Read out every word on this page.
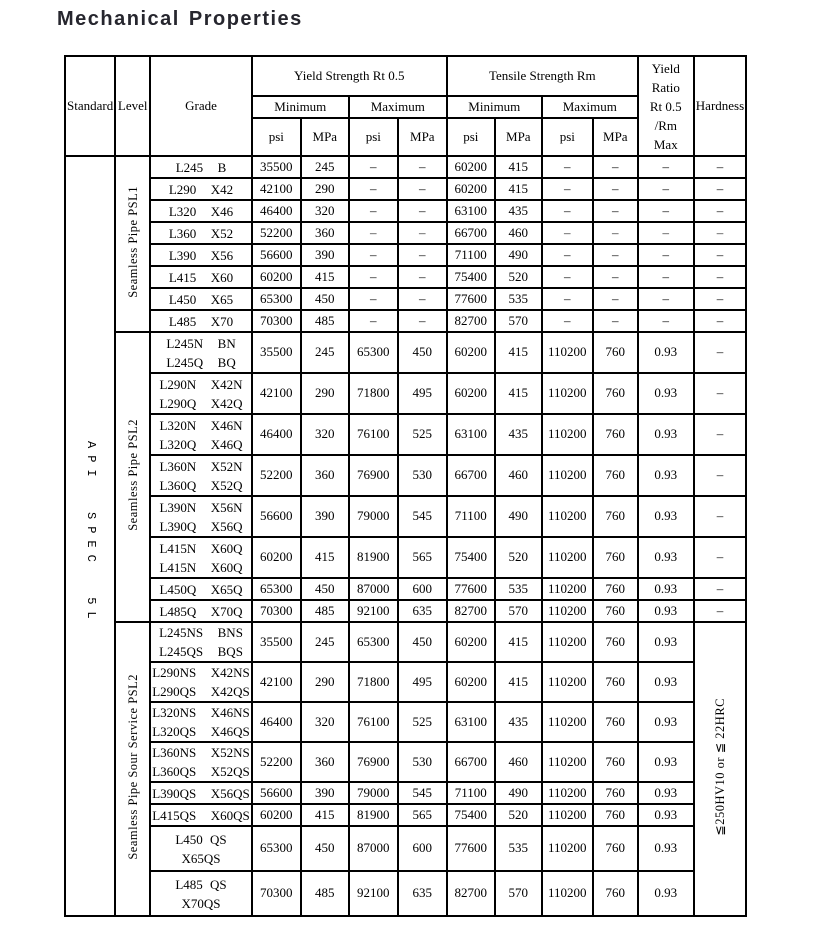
Mechanical Properties
Standard	Level	Grade	Yield Strength Rt 0.5				Tensile Strength Rm				Yield
Ratio
Rt 0.5
/Rm
Max	Hardness
			Minimum		Maximum		Minimum		Maximum			
			psi	MPa	psi	MPa	psi	MPa	psi	MPa		
API  SPEC  5L	Seamless Pipe PSL1	L245  B	35500	245	–	–	60200	415	–	–	–	–

		L290  X42	42100	290	–	–	60200	415	–	–	–	–

		L320  X46	46400	320	–	–	63100	435	–	–	–	–

		L360  X52	52200	360	–	–	66700	460	–	–	–	–

		L390  X56	56600	390	–	–	71100	490	–	–	–	–

		L415  X60	60200	415	–	–	75400	520	–	–	–	–

		L450  X65	65300	450	–	–	77600	535	–	–	–	–

		L485  X70	70300	485	–	–	82700	570	–	–	–	–
	Seamless Pipe PSL2	L245N  BN
L245Q  BQ	35500	245	65300	450	60200	415	110200	760	0.93	–

		L290N  X42N
L290Q  X42Q	42100	290	71800	495	60200	415	110200	760	0.93	–

		L320N  X46N
L320Q  X46Q	46400	320	76100	525	63100	435	110200	760	0.93	–

		L360N  X52N
L360Q  X52Q	52200	360	76900	530	66700	460	110200	760	0.93	–

		L390N  X56N
L390Q  X56Q	56600	390	79000	545	71100	490	110200	760	0.93	–

		L415N  X60Q
L415N  X60Q	60200	415	81900	565	75400	520	110200	760	0.93	–

		L450Q  X65Q	65300	450	87000	600	77600	535	110200	760	0.93	–

		L485Q  X70Q	70300	485	92100	635	82700	570	110200	760	0.93	–
	Seamless Pipe Sour Service PSL2	L245NS  BNS
L245QS  BQS	35500	245	65300	450	60200	415	110200	760	0.93	≦250HV10 or ≦ 22HRC

		L290NS  X42NS
L290QS  X42QS	42100	290	71800	495	60200	415	110200	760	0.93	

		L320NS  X46NS
L320QS  X46QS	46400	320	76100	525	63100	435	110200	760	0.93	

		L360NS  X52NS
L360QS  X52QS	52200	360	76900	530	66700	460	110200	760	0.93	

		L390QS  X56QS	56600	390	79000	545	71100	490	110200	760	0.93	

		L415QS  X60QS	60200	415	81900	565	75400	520	110200	760	0.93	

		L450 QS
X65QS	65300	450	87000	600	77600	535	110200	760	0.93	

		L485 QS
X70QS	70300	485	92100	635	82700	570	110200	760	0.93	
